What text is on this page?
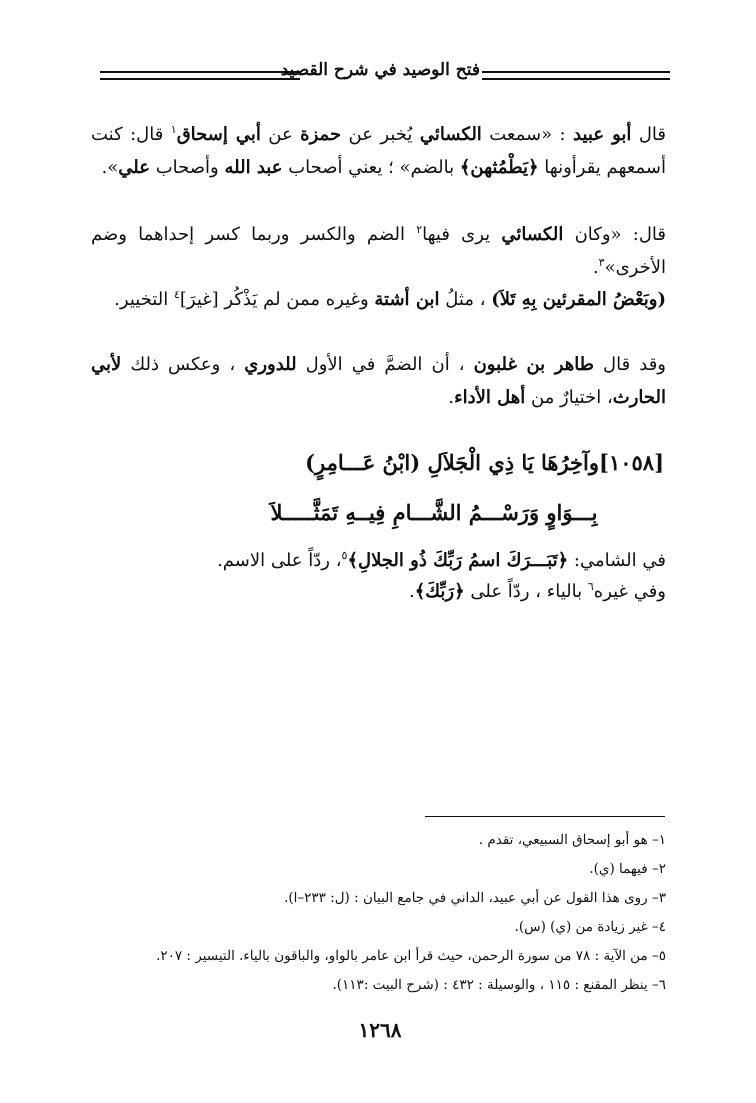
فتح الوصيد في شرح القصيد

قال أبو عبيد : «سمعت الكسائي يُخبر عن حمزة عن أبي إسحاق$^١$ قال: كنت أسمعهم يقرأونها ﴿يَطْمُثهن﴾ بالضم» ؛ يعني أصحاب عبد الله وأصحاب علي».

قال: «وكان الكسائي يرى فيها$^٢$ الضم والكسر وربما كسر إحداهما وضم الأخرى»$^٣$.

(وبَعْضُ المقرئين بِهِ تَلاَ) ، مثلُ ابن أشتة وغيره ممن لم يَذْكُر [غيرَ]$^٤$ التخيير.

وقد قال طاهر بن غلبون ، أن الضمَّ في الأول للدوري ، وعكس ذلك لأبي الحارث، اختيارٌ من أهل الأداء.

[١٠٥٨]وآخِرُهَا يَا ذِي الْجَلاَلِ (ابْنُ عَـــامِرٍ)
بِـــوَاوٍ وَرَسْـــمُ الشَّـــامِ فِيــهِ تَمَثَّـــــلاَ
في الشامي: ﴿تَبَـــرَكَ اسمُ رَبِّكَ ذُو الجلالِ﴾$^٥$، ردّاً على الاسم.
وفي غيره$^٦$ بالياء ، ردّاً على ﴿رَبِّكَ﴾.
١– هو أبو إسحاق السبيعي، تقدم .
٢– فيهما (ي).
٣– روى هذا القول عن أبي عبيد، الداني في جامع البيان : (ل: ٢٣٣–ا).
٤– غير زيادة من (ي) (س).
٥– من الآية : ٧٨ من سورة الرحمن، حيث قرأ ابن عامر بالواو، والباقون بالياء. التيسير : ٢٠٧.
٦– ينظر المقنع : ١١٥ ، والوسيلة : ٤٣٢ : (شرح البيت :١١٣).
١٢٦٨
